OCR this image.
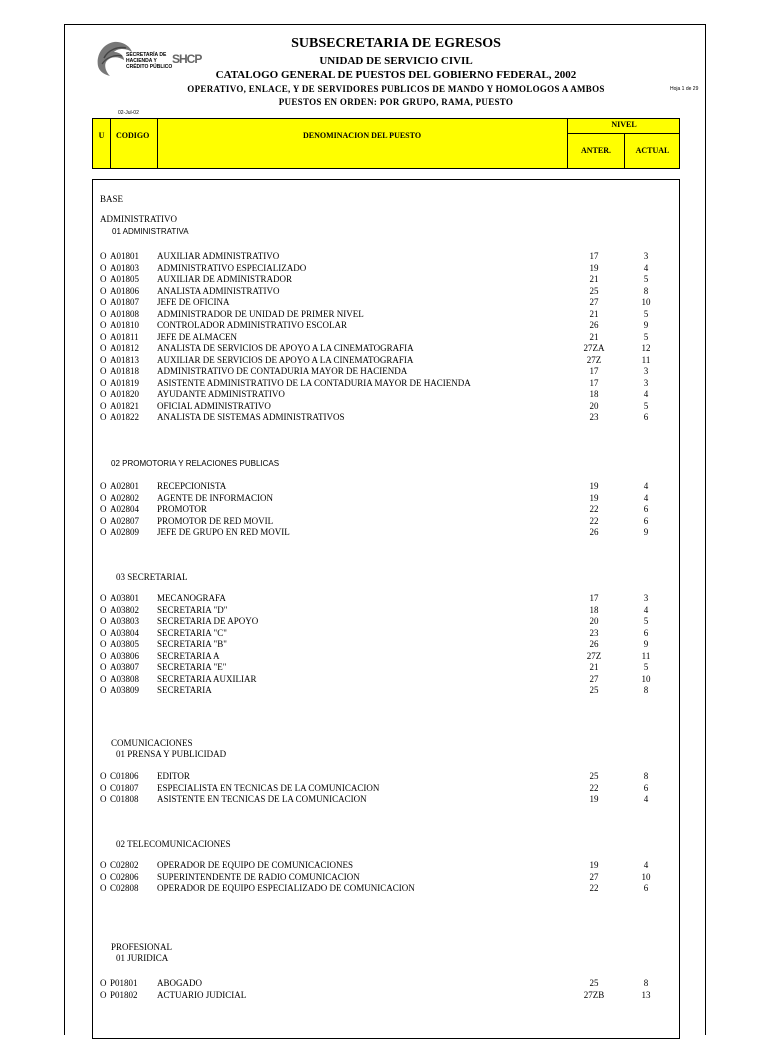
SECRETARÍA DE
HACIENDA Y
CRÉDITO PÚBLICO
SHCP
SUBSECRETARIA DE EGRESOS
UNIDAD DE SERVICIO CIVIL
CATALOGO GENERAL DE PUESTOS DEL GOBIERNO FEDERAL, 2002
OPERATIVO, ENLACE, Y DE SERVIDORES PUBLICOS DE MANDO Y HOMOLOGOS A AMBOS
PUESTOS EN ORDEN: POR GRUPO, RAMA, PUESTO
Hoja 1 de 29
02-Jul-02
U	CODIGO	DENOMINACION DEL PUESTO
NIVEL
ANTER.	ACTUAL
BASE
ADMINISTRATIVO
01 ADMINISTRATIVA
O A01801 AUXILIAR ADMINISTRATIVO	17	3
O A01803 ADMINISTRATIVO ESPECIALIZADO	19	4
O A01805 AUXILIAR DE ADMINISTRADOR	21	5
O A01806 ANALISTA ADMINISTRATIVO	25	8
O A01807 JEFE DE OFICINA	27	10
O A01808 ADMINISTRADOR DE UNIDAD DE PRIMER NIVEL	21	5
O A01810 CONTROLADOR ADMINISTRATIVO ESCOLAR	26	9
O A01811 JEFE DE ALMACEN	21	5
O A01812 ANALISTA DE SERVICIOS DE APOYO A LA CINEMATOGRAFIA	27ZA	12
O A01813 AUXILIAR DE SERVICIOS DE APOYO A LA CINEMATOGRAFIA	27Z	11
O A01818 ADMINISTRATIVO DE CONTADURIA MAYOR DE HACIENDA	17	3
O A01819 ASISTENTE ADMINISTRATIVO DE LA CONTADURIA MAYOR DE HACIENDA	17	3
O A01820 AYUDANTE ADMINISTRATIVO	18	4
O A01821 OFICIAL ADMINISTRATIVO	20	5
O A01822 ANALISTA DE SISTEMAS ADMINISTRATIVOS	23	6
02 PROMOTORIA Y RELACIONES PUBLICAS
O A02801 RECEPCIONISTA	19	4
O A02802 AGENTE DE INFORMACION	19	4
O A02804 PROMOTOR	22	6
O A02807 PROMOTOR DE RED MOVIL	22	6
O A02809 JEFE DE GRUPO EN RED MOVIL	26	9
03 SECRETARIAL
O A03801 MECANOGRAFA	17	3
O A03802 SECRETARIA "D"	18	4
O A03803 SECRETARIA DE APOYO	20	5
O A03804 SECRETARIA "C"	23	6
O A03805 SECRETARIA "B"	26	9
O A03806 SECRETARIA A	27Z	11
O A03807 SECRETARIA "E"	21	5
O A03808 SECRETARIA AUXILIAR	27	10
O A03809 SECRETARIA	25	8
COMUNICACIONES
01 PRENSA Y PUBLICIDAD
O C01806 EDITOR	25	8
O C01807 ESPECIALISTA EN TECNICAS DE LA COMUNICACION	22	6
O C01808 ASISTENTE EN TECNICAS DE LA COMUNICACION	19	4
02 TELECOMUNICACIONES
O C02802 OPERADOR DE EQUIPO DE COMUNICACIONES	19	4
O C02806 SUPERINTENDENTE DE RADIO COMUNICACION	27	10
O C02808 OPERADOR DE EQUIPO ESPECIALIZADO DE COMUNICACION	22	6
PROFESIONAL
01 JURIDICA
O P01801 ABOGADO	25	8
O P01802 ACTUARIO JUDICIAL	27ZB	13
